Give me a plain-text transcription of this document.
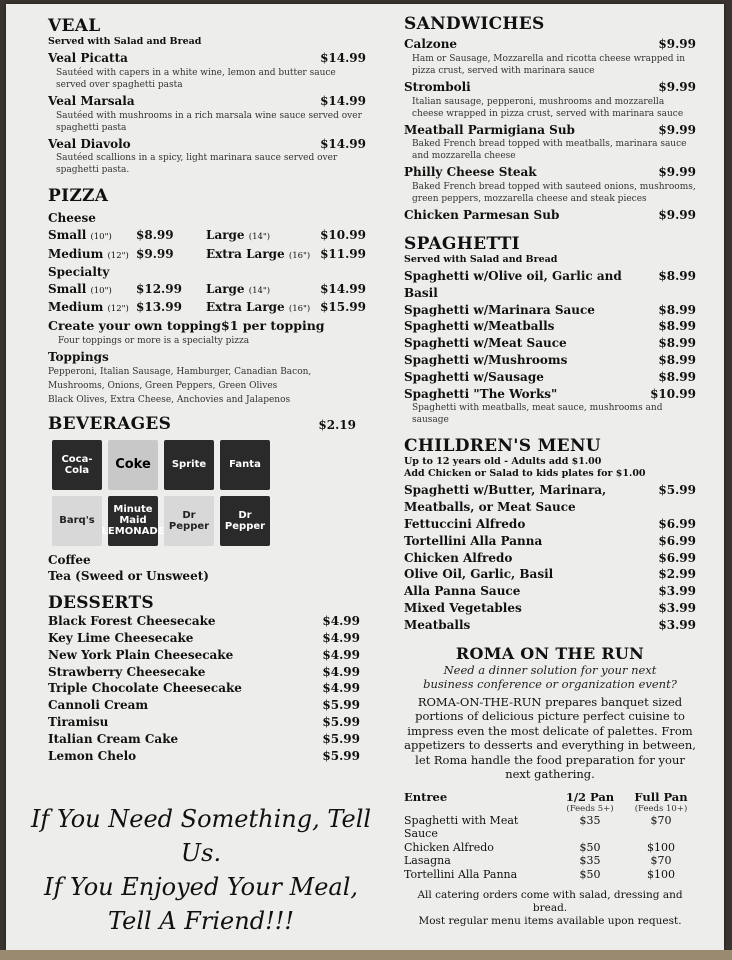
VEAL
Served with Salad and Bread
Veal Picatta	$14.99
Sautéed with capers in a white wine, lemon and butter sauce served over spaghetti pasta
Veal Marsala	$14.99
Sautéed with mushrooms in a rich marsala wine sauce served over spaghetti pasta
Veal Diavolo	$14.99
Sautéed scallions in a spicy, light marinara sauce served over spaghetti pasta.
PIZZA
Cheese
Small (10")	$8.99	Large (14")	$10.99
Medium (12") $9.99	Extra Large (16") $11.99
Specialty
Small (10")	$12.99	Large (14")	$14.99
Medium (12") $13.99	Extra Large (16") $15.99
Create your own topping$1 per topping
Four toppings or more is a specialty pizza
Toppings
Pepperoni, Italian Sausage, Hamburger, Canadian Bacon,
Mushrooms, Onions, Green Peppers, Green Olives
Black Olives, Extra Cheese, Anchovies and Jalapenos
BEVERAGES	$2.19
Coca-Cola	Coke	Sprite	Fanta
Barq's
Minute Maid LEMONADE
Dr Pepper
Dr Pepper
Coffee
Tea (Sweed or Unsweet)
DESSERTS
Black Forest Cheesecake	$4.99
Key Lime Cheesecake	$4.99
New York Plain Cheesecake	$4.99
Strawberry Cheesecake	$4.99
Triple Chocolate Cheesecake	$4.99
Cannoli Cream	$5.99
Tiramisu	$5.99
Italian Cream Cake	$5.99
Lemon Chelo	$5.99
If You Need Something, Tell Us.
If You Enjoyed Your Meal,
Tell A Friend!!!
SANDWICHES
Calzone	$9.99
Ham or Sausage, Mozzarella and ricotta cheese wrapped in pizza crust, served with marinara sauce
Stromboli	$9.99
Italian sausage, pepperoni, mushrooms and mozzarella cheese wrapped in pizza crust, served with marinara sauce
Meatball Parmigiana Sub	$9.99
Baked French bread topped with meatballs, marinara sauce and mozzarella cheese
Philly Cheese Steak	$9.99
Baked French bread topped with sauteed onions, mushrooms, green peppers, mozzarella cheese and steak pieces
Chicken Parmesan Sub	$9.99
SPAGHETTI
Served with Salad and Bread
Spaghetti w/Olive oil, Garlic and Basil
$8.99
Spaghetti w/Marinara Sauce	$8.99
Spaghetti w/Meatballs	$8.99
Spaghetti w/Meat Sauce	$8.99
Spaghetti w/Mushrooms	$8.99
Spaghetti w/Sausage	$8.99
Spaghetti "The Works"	$10.99
Spaghetti with meatballs, meat sauce, mushrooms and sausage
CHILDREN'S MENU
Up to 12 years old - Adults add $1.00
Add Chicken or Salad to kids plates for $1.00
Spaghetti w/Butter, Marinara,	$5.99
Meatballs, or Meat Sauce
Fettuccini Alfredo	$6.99
Tortellini Alla Panna	$6.99
Chicken Alfredo	$6.99
Olive Oil, Garlic, Basil	$2.99
Alla Panna Sauce	$3.99
Mixed Vegetables	$3.99
Meatballs	$3.99
ROMA ON THE RUN
Need a dinner solution for your next
business conference or organization event?
ROMA-ON-THE-RUN prepares banquet sized portions of delicious picture perfect cuisine to impress even the most delicate of palettes. From appetizers to desserts and everything in between, let Roma handle the food preparation for your next gathering.
Entree	1/2 Pan	Full Pan
(Feeds 5+)	(Feeds 10+)
Spaghetti with Meat Sauce
$35	$70
Chicken Alfredo	$50	$100
Lasagna	$35	$70
Tortellini Alla Panna	$50	$100
All catering orders come with salad, dressing and bread.
Most regular menu items available upon request.
